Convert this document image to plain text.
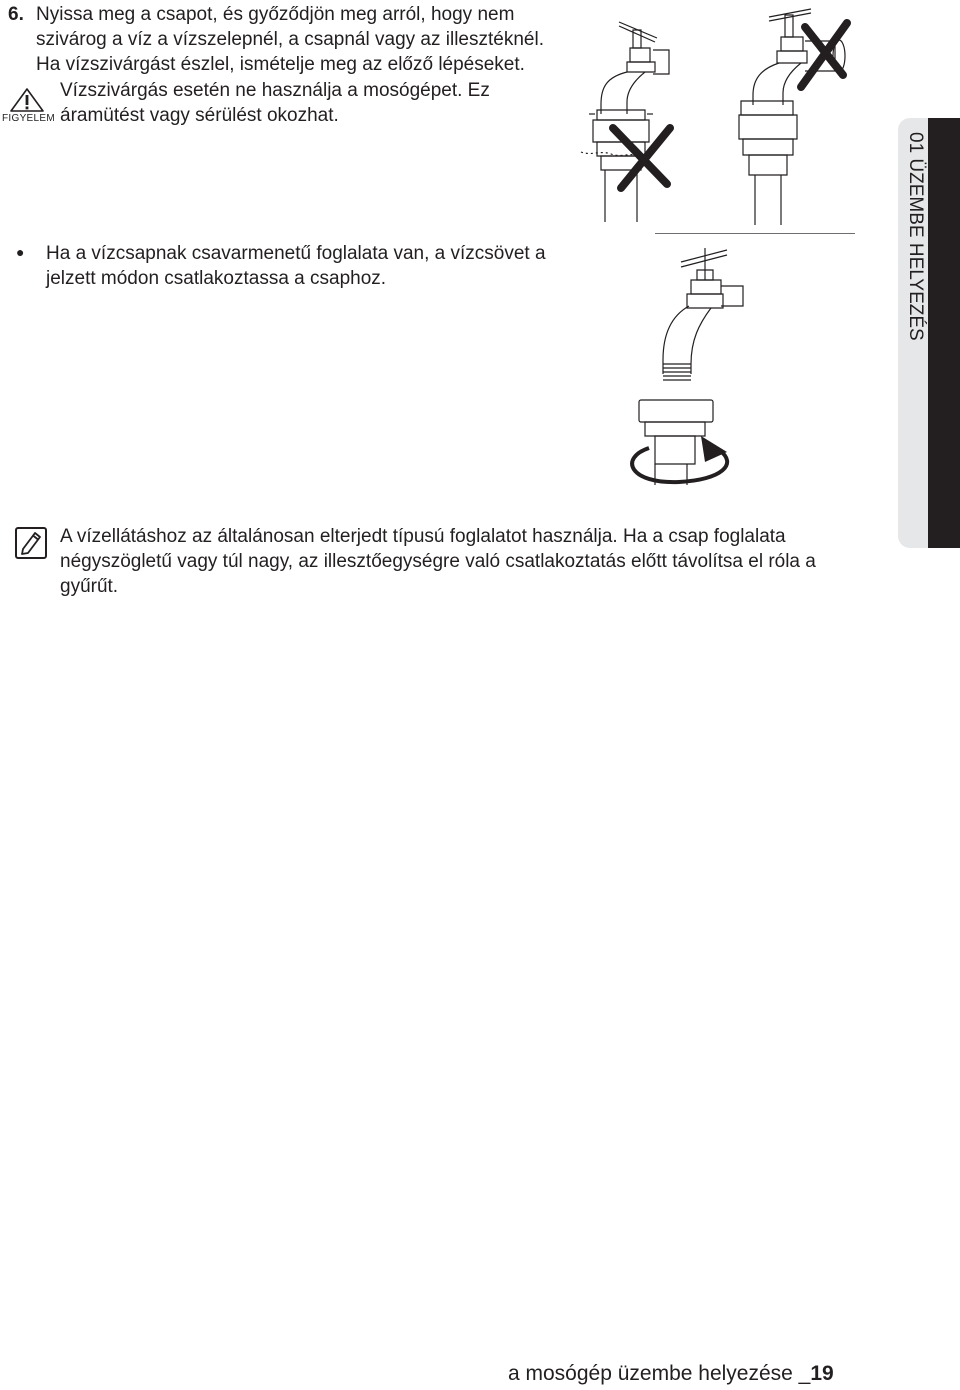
6. Nyissa meg a csapot, és győződjön meg arról, hogy nem
szivárog a víz a vízszelepnél, a csapnál vagy az illesztéknél.
Ha vízszivárgást észlel, ismételje meg az előző lépéseket.
FIGYELEM
Vízszivárgás esetén ne használja a mosógépet. Ez
áramütést vagy sérülést okozhat.
● Ha a vízcsapnak csavarmenetű foglalata van, a vízcsövet a
jelzett módon csatlakoztassa a csaphoz.	01 ÜZEMBE HELYEZÉS
A vízellátáshoz az általánosan elterjedt típusú foglalatot használja. Ha a csap foglalata
négyszögletű vagy túl nagy, az illesztőegységre való csatlakoztatás előtt távolítsa el róla a
gyűrűt.
a mosógép üzembe helyezése _19
